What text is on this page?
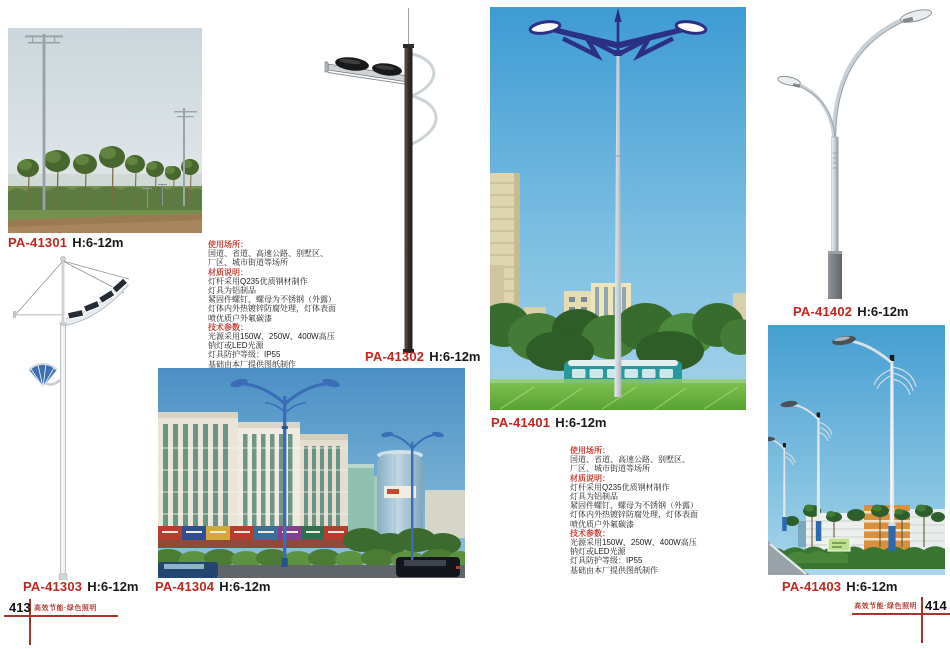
PA-41301 H:6-12m
PA-41302 H:6-12m
PA-41303 H:6-12m PA-41304 H:6-12m
使用场所：
国道、省道、高速公路、别墅区、
厂区、城市街道等场所
材质说明：
灯杆采用Q235优质钢材制作
灯具为铝制品
紧固件螺钉、螺母为不锈钢（外露）
灯体内外热镀锌防腐处理，灯体表面
喷优质户外氟碳漆
技术参数：
光源采用150W、250W、400W高压
钠灯或LED光源
灯具防护等级：IP55
基础由本厂提供图纸制作
PA-41401 H:6-12m
使用场所：
国道、省道、高速公路、别墅区、
厂区、城市街道等场所
材质说明：
灯杆采用Q235优质钢材制作
灯具为铝制品
紧固件螺钉、螺母为不锈钢（外露）
灯体内外热镀锌防腐处理，灯体表面
喷优质户外氟碳漆
技术参数：
光源采用150W、250W、400W高压
钠灯或LED光源
灯具防护等级：IP55
基础由本厂提供图纸制作
PA-41402 H:6-12m
PA-41403 H:6-12m
413 高效节能·绿色照明	414
高效节能·绿色照明
